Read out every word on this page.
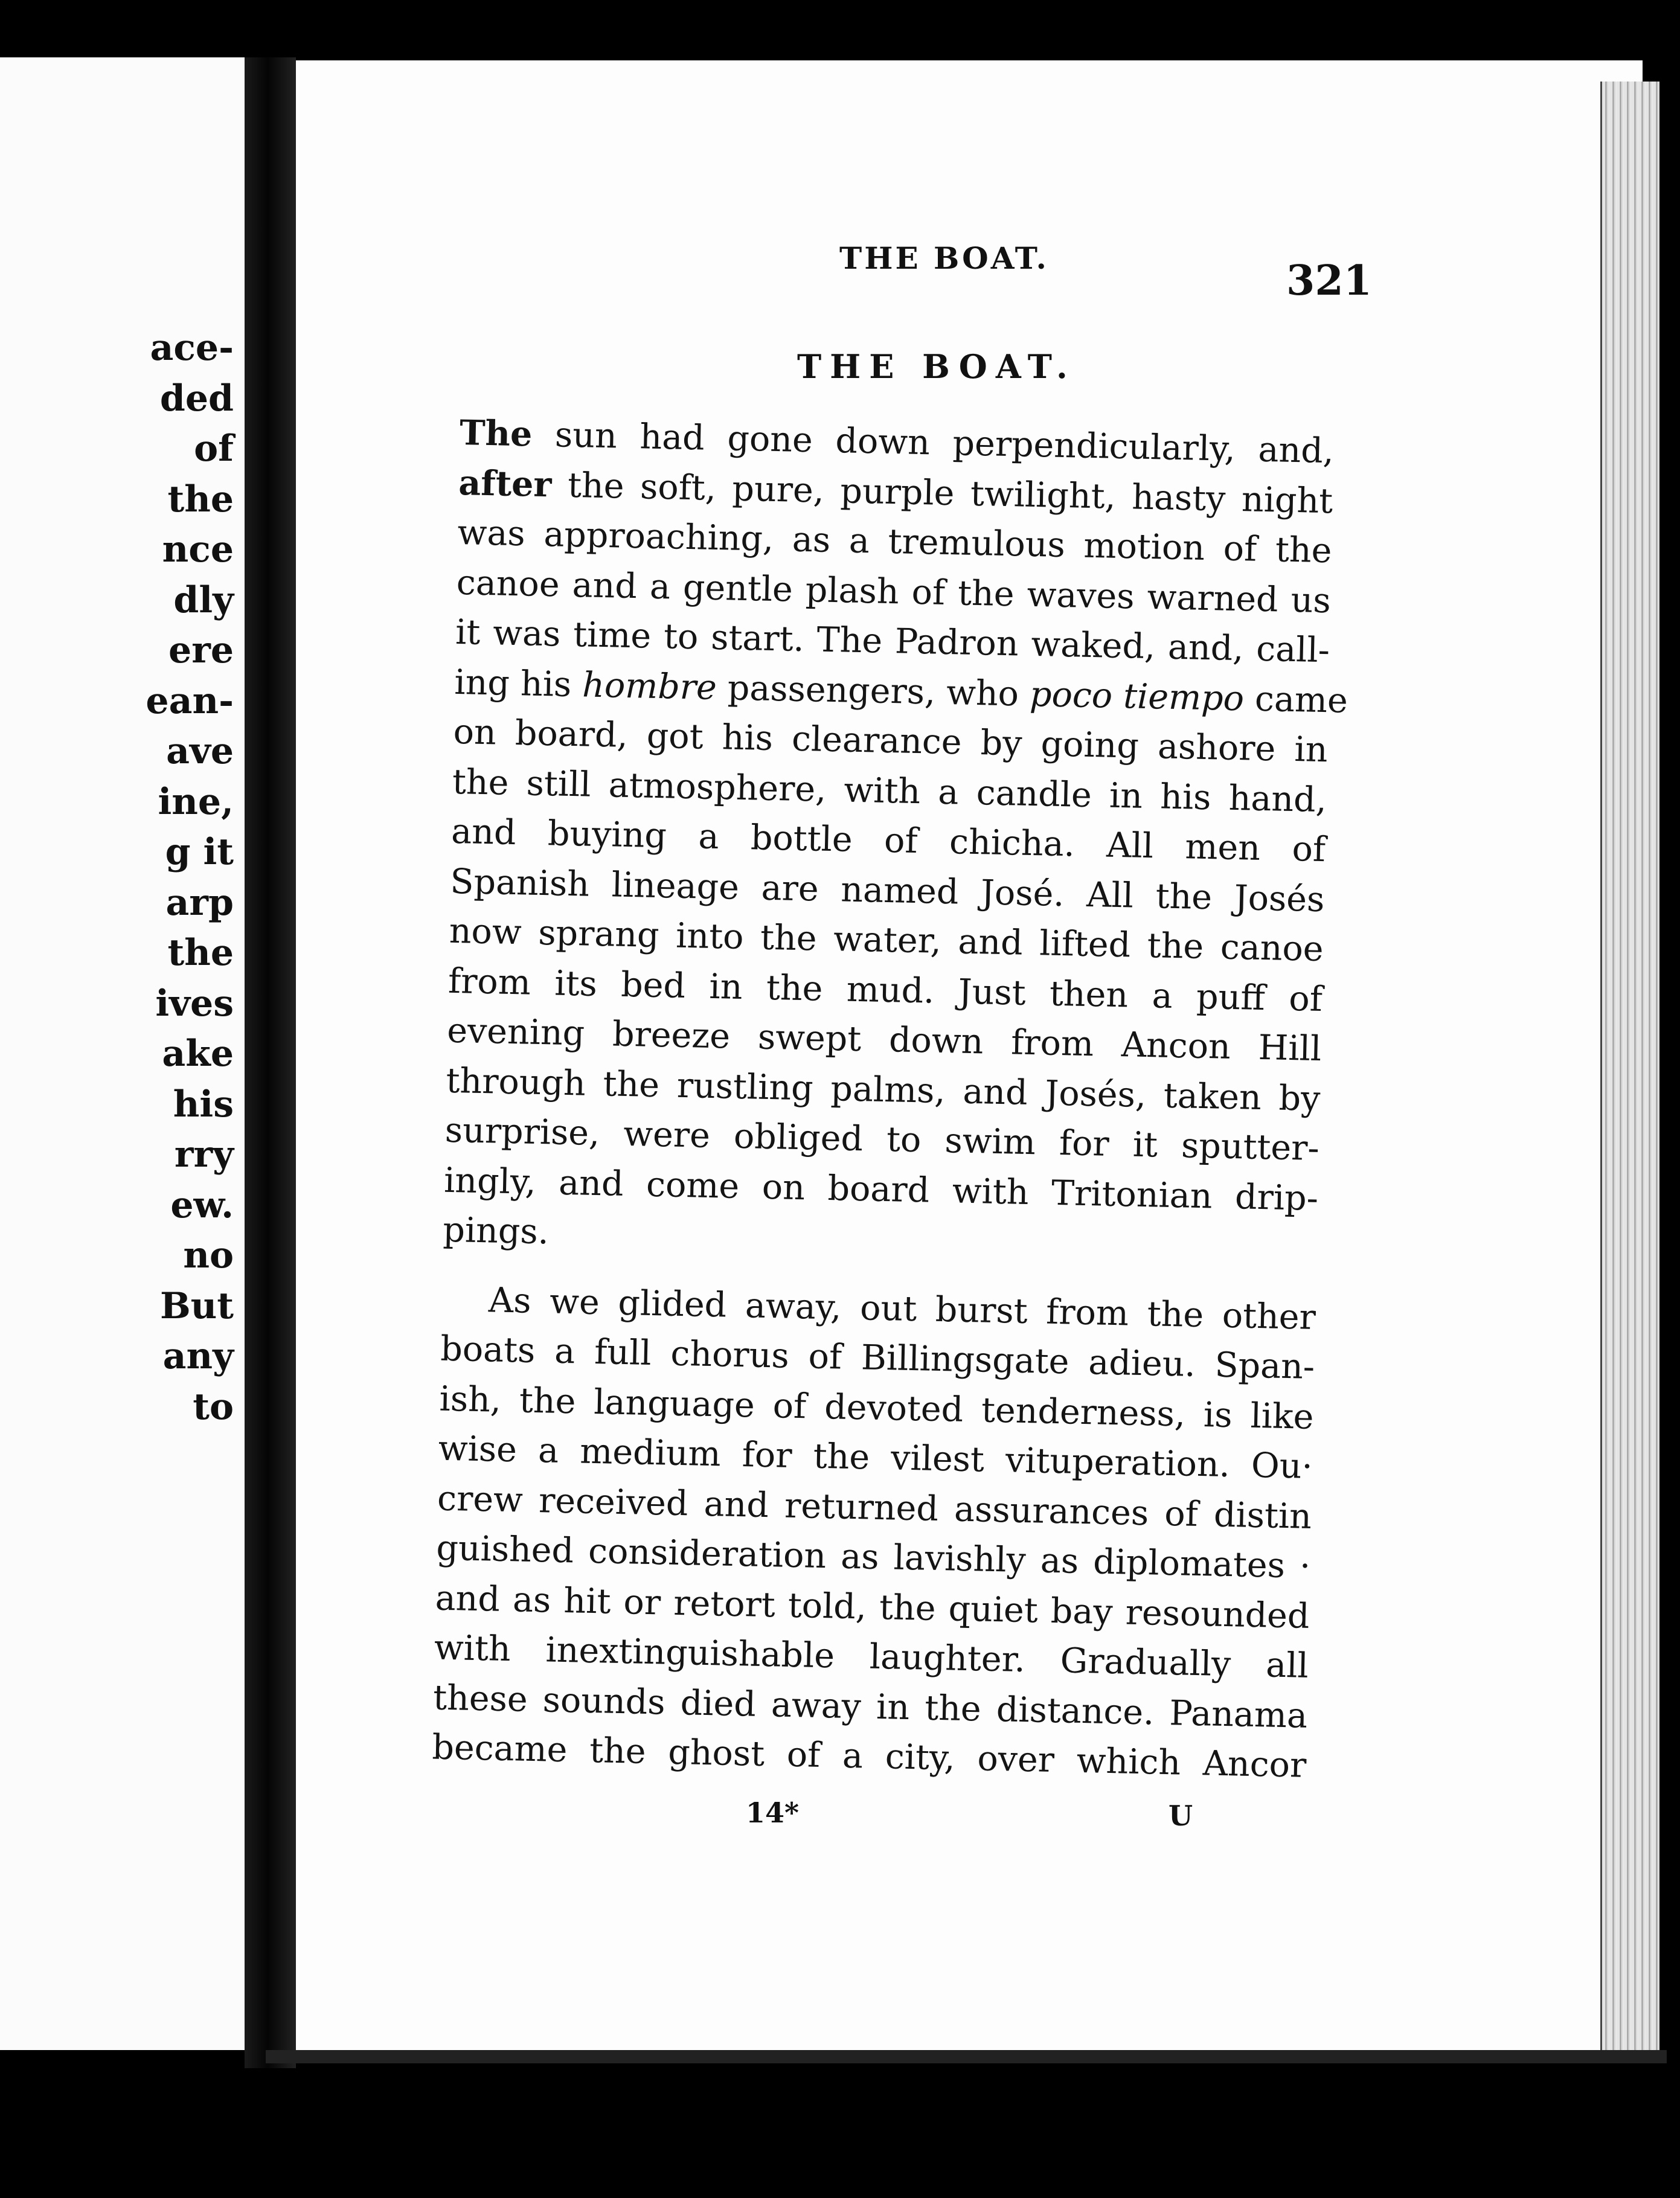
ace-
ded
of
the
nce
dly
ere
ean-
ave
ine,
g it
arp
the
ives
ake
his
rry
ew.
no
But
any
to
THE BOAT.	321
THE BOAT.
The sun had gone down perpendicularly, and,
after the soft, pure, purple twilight, hasty night
was approaching, as a tremulous motion of the
canoe and a gentle plash of the waves warned us
it was time to start. The Padron waked, and, call-
ing his hombre passengers, who poco tiempo came
on board, got his clearance by going ashore in
the still atmosphere, with a candle in his hand,
and buying a bottle of chicha. All men of
Spanish lineage are named José. All the Josés
now sprang into the water, and lifted the canoe
from its bed in the mud. Just then a puff of
evening breeze swept down from Ancon Hill
through the rustling palms, and Josés, taken by
surprise, were obliged to swim for it sputter-
ingly, and come on board with Tritonian drip-
pings.
As we glided away, out burst from the other
boats a full chorus of Billingsgate adieu. Span-
ish, the language of devoted tenderness, is like
wise a medium for the vilest vituperation. Ou·
crew received and returned assurances of distin
guished consideration as lavishly as diplomates ·
and as hit or retort told, the quiet bay resounded
with inextinguishable laughter. Gradually all
these sounds died away in the distance. Panama
became the ghost of a city, over which Ancor
14*	U
